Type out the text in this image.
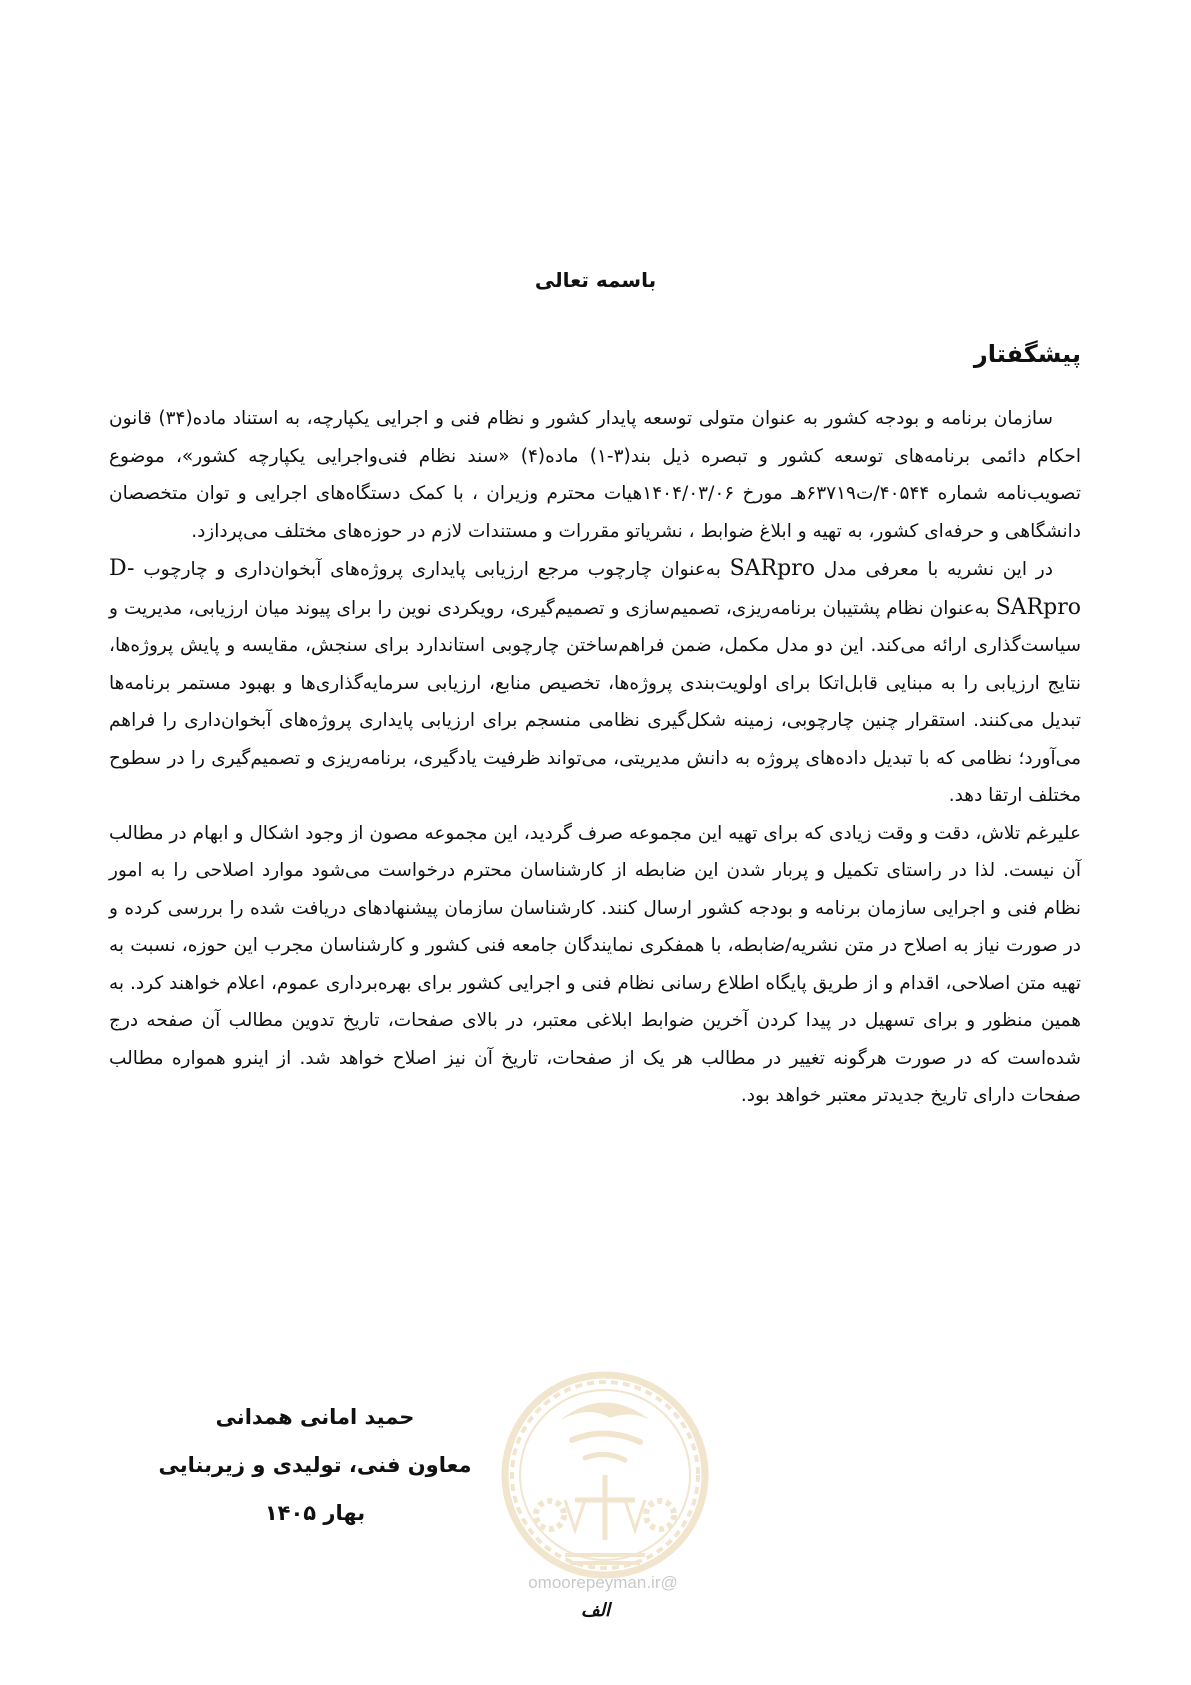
باسمه تعالی
پیشگفتار

سازمان برنامه و بودجه کشور به عنوان متولی توسعه پایدار کشور و نظام فنی و اجرایی یکپارچه، به استناد ماده(۳۴) قانون احکام دائمی برنامه‌های توسعه کشور و تبصره ذیل بند(۳-۱) ماده(۴) «سند نظام فنی‌واجرایی یکپارچه کشور»، موضوع تصویب‌نامه شماره ۴۰۵۴۴/ت۶۳۷۱۹هـ مورخ ۱۴۰۴/۰۳/۰۶هیات محترم وزیران ، با کمک دستگاه‌های اجرایی و توان متخصصان دانشگاهی و حرفه‌ای کشور، به تهیه و ابلاغ ضوابط ، نشریاتو مقررات و مستندات لازم در حوزه‌های مختلف می‌پردازد.

در این نشریه با معرفی مدل SARpro به‌عنوان چارچوب مرجع ارزیابی پایداری پروژه‌های آبخوان‌داری و چارچوب D- SARpro به‌عنوان نظام پشتیبان برنامه‌ریزی، تصمیم‌سازی و تصمیم‌گیری، رویکردی نوین را برای پیوند میان ارزیابی، مدیریت و سیاست‌گذاری ارائه می‌کند. این دو مدل مکمل، ضمن فراهم‌ساختن چارچوبی استاندارد برای سنجش، مقایسه و پایش پروژه‌ها، نتایج ارزیابی را به مبنایی قابل‌اتکا برای اولویت‌بندی پروژه‌ها، تخصیص منابع، ارزیابی سرمایه‌گذاری‌ها و بهبود مستمر برنامه‌ها تبدیل می‌کنند. استقرار چنین چارچوبی، زمینه شکل‌گیری نظامی منسجم برای ارزیابی پایداری پروژه‌های آبخوان‌داری را فراهم می‌آورد؛ نظامی که با تبدیل داده‌های پروژه به دانش مدیریتی، می‌تواند ظرفیت یادگیری، برنامه‌ریزی و تصمیم‌گیری را در سطوح مختلف ارتقا دهد.

علیرغم تلاش، دقت و وقت زیادی که برای تهیه این مجموعه صرف گردید، این مجموعه مصون از وجود اشکال و ابهام در مطالب آن نیست. لذا در راستای تکمیل و پربار شدن این ضابطه از کارشناسان محترم درخواست می‌شود موارد اصلاحی را به امور نظام فنی و اجرایی سازمان برنامه و بودجه کشور ارسال کنند. کارشناسان سازمان پیشنهادهای دریافت شده را بررسی کرده و در صورت نیاز به اصلاح در متن نشریه/ضابطه، با همفکری نمایندگان جامعه فنی کشور و کارشناسان مجرب این حوزه، نسبت به تهیه متن اصلاحی، اقدام و از طریق پایگاه اطلاع رسانی نظام فنی و اجرایی کشور برای بهره‌برداری عموم، اعلام خواهند کرد. به همین منظور و برای تسهیل در پیدا کردن آخرین ضوابط ابلاغی معتبر، در بالای صفحات، تاریخ تدوین مطالب آن صفحه درج شده‌است که در صورت هرگونه تغییر در مطالب هر یک از صفحات، تاریخ آن نیز اصلاح خواهد شد. از اینرو همواره مطالب صفحات دارای تاریخ جدیدتر معتبر خواهد بود.

حمید امانی همدانی
معاون فنی، تولیدی و زیربنایی
بهار ۱۴۰۵
@omoorepeyman.ir
الف
